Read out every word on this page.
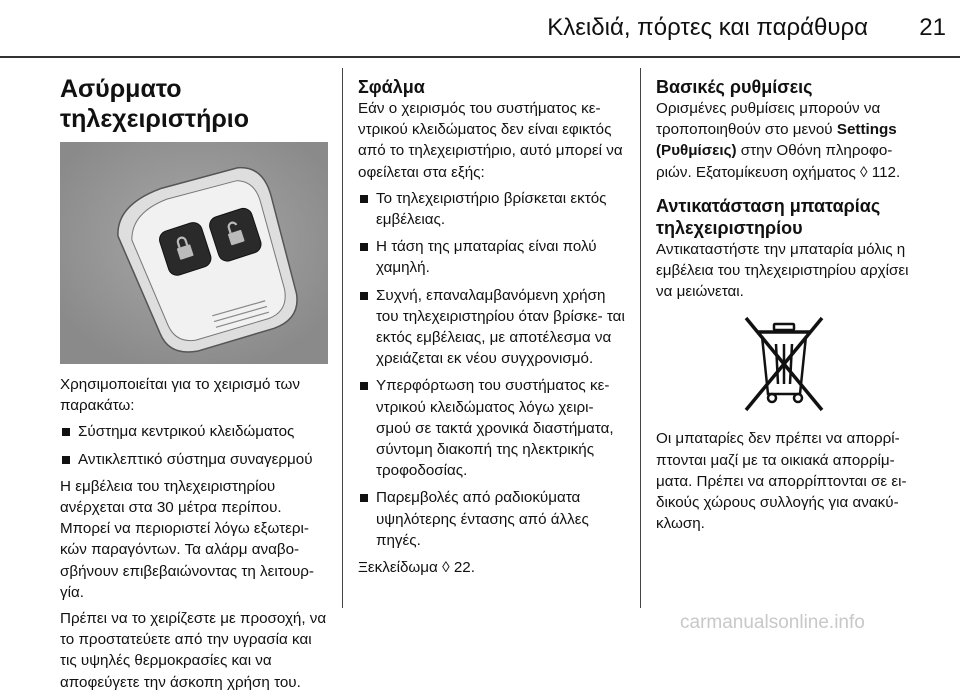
Κλειδιά, πόρτες και παράθυρα 21
Ασύρματο τηλεχειριστήριο

Χρησιμοποιείται για το χειρισμό των παρακάτω:

Σύστημα κεντρικού κλειδώματος
Αντικλεπτικό σύστημα συναγερμού

Η εμβέλεια του τηλεχειριστηρίου ανέρχεται στα 30 μέτρα περίπου. Μπορεί να περιοριστεί λόγω εξωτερι- κών παραγόντων. Τα αλάρμ αναβο- σβήνουν επιβεβαιώνοντας τη λειτουρ- γία.

Πρέπει να το χειρίζεστε με προσοχή, να το προστατεύετε από την υγρασία και τις υψηλές θερμοκρασίες και να αποφεύγετε την άσκοπη χρήση του.

Σφάλμα

Εάν ο χειρισμός του συστήματος κε- ντρικού κλειδώματος δεν είναι εφικτός από το τηλεχειριστήριο, αυτό μπορεί να οφείλεται στα εξής:

Το τηλεχειριστήριο βρίσκεται εκτός εμβέλειας.
Η τάση της μπαταρίας είναι πολύ χαμηλή.
Συχνή, επαναλαμβανόμενη χρήση του τηλεχειριστηρίου όταν βρίσκε- ται εκτός εμβέλειας, με αποτέλεσμα να χρειάζεται εκ νέου συγχρονισμό.
Υπερφόρτωση του συστήματος κε- ντρικού κλειδώματος λόγω χειρι- σμού σε τακτά χρονικά διαστήματα, σύντομη διακοπή της ηλεκτρικής τροφοδοσίας.
Παρεμβολές από ραδιοκύματα υψηλότερης έντασης από άλλες πηγές.

Ξεκλείδωμα ◊ 22.

Βασικές ρυθμίσεις

Ορισμένες ρυθμίσεις μπορούν να τροποποιηθούν στο μενού Settings (Ρυθμίσεις) στην Οθόνη πληροφο- ριών. Εξατομίκευση οχήματος ◊ 112.

Αντικατάσταση μπαταρίας τηλεχειριστηρίου

Αντικαταστήστε την μπαταρία μόλις η εμβέλεια του τηλεχειριστηρίου αρχίσει να μειώνεται.

Οι μπαταρίες δεν πρέπει να απορρί- πτονται μαζί με τα οικιακά απορρίμ- ματα. Πρέπει να απορρίπτονται σε ει- δικούς χώρους συλλογής για ανακύ- κλωση.

carmanualsonline.info
